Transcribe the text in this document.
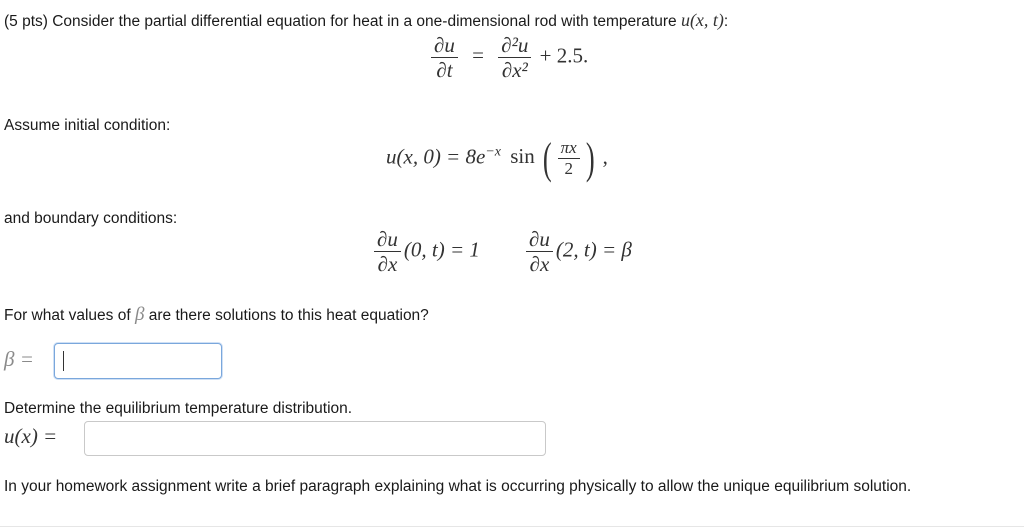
(5 pts) Consider the partial differential equation for heat in a one-dimensional rod with temperature u(x, t):
$\frac{\partial u}{\partial t} = \frac{\text{∂²u}}{\text{∂x²}} + 2.5$.
Assume initial condition:
u(x, $0) = 8e^{-x}$ sin ( $\frac{\pi x}{2}$ ) ,
and boundary conditions:
$\frac{\partial u}{\partial x} (0$, $t) = 1 \frac{\partial u}{\partial x} (2$, t) = β
For what values of β are there solutions to this heat equation?
β =
Determine the equilibrium temperature distribution.
u(x) =
In your homework assignment write a brief paragraph explaining what is occurring physically to allow the unique equilibrium solution.
